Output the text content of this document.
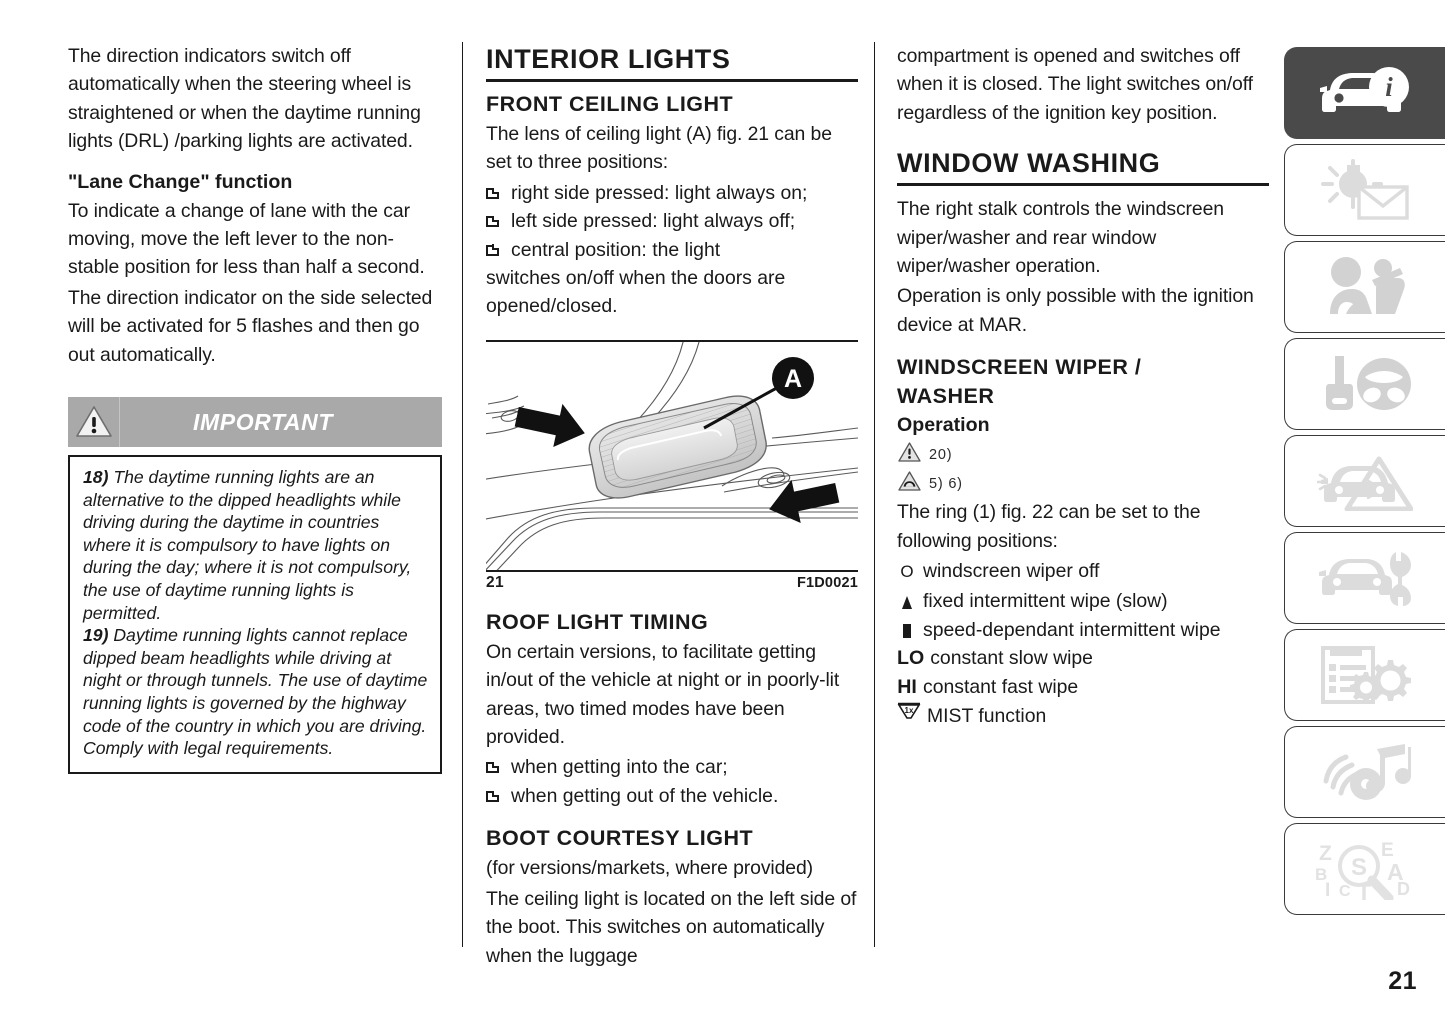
The direction indicators switch off automatically when the steering wheel is straightened or when the daytime running lights (DRL) /parking lights are activated.

"Lane Change" function

To indicate a change of lane with the car moving, move the left lever to the non-stable position for less than half a second.

The direction indicator on the side selected will be activated for 5 flashes and then go out automatically.

IMPORTANT

18) The daytime running lights are an alternative to the dipped headlights while driving during the daytime in countries where it is compulsory to have lights on during the day; where it is not compulsory, the use of daytime running lights is permitted.

19) Daytime running lights cannot replace dipped beam headlights while driving at night or through tunnels. The use of daytime running lights is governed by the highway code of the country in which you are driving. Comply with legal requirements.

INTERIOR LIGHTS
FRONT CEILING LIGHT

The lens of ceiling light (A) fig. 21 can be set to three positions:

right side pressed: light always on;
left side pressed: light always off;
central position: the light
switches on/off when the doors are opened/closed.
A
21	F1D0021
ROOF LIGHT TIMING

On certain versions, to facilitate getting in/out of the vehicle at night or in poorly-lit areas, two timed modes have been provided.

when getting into the car;
when getting out of the vehicle.
BOOT COURTESY LIGHT

(for versions/markets, where provided)

The ceiling light is located on the left side of the boot. This switches on automatically when the luggage

compartment is opened and switches off when it is closed. The light switches on/off regardless of the ignition key position.

WINDOW WASHING

The right stalk controls the windscreen wiper/washer and rear window wiper/washer operation.

Operation is only possible with the ignition device at MAR.

WINDSCREEN WIPER /
WASHER
Operation
20)
5) 6)

The ring (1) fig. 22 can be set to the following positions:

O windscreen wiper off
fixed intermittent wipe (slow)
speed-dependant intermittent wipe
LO constant slow wipe
HI constant fast wipe
1x MIST function
i
Z
B
I C T
E
A
D
S
21
